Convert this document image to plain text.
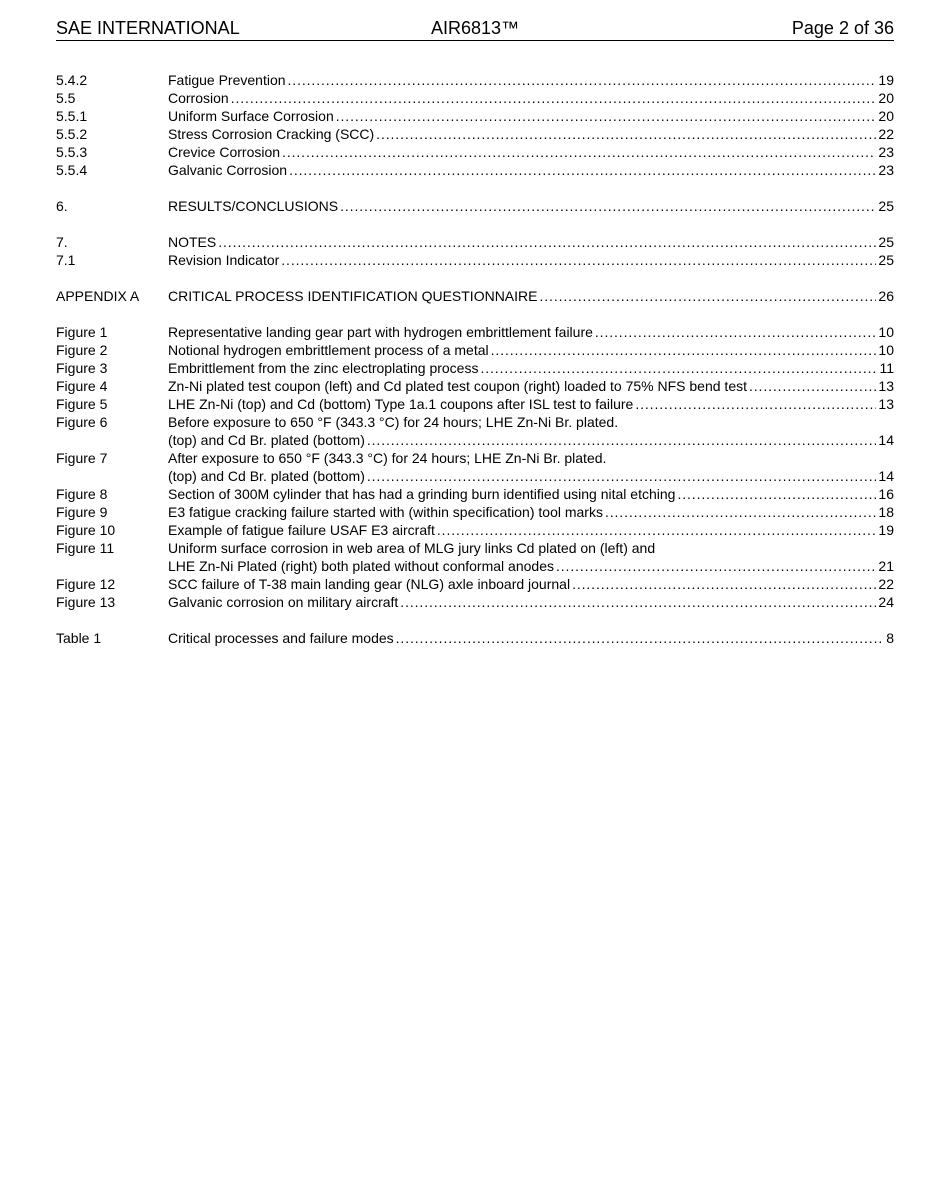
SAE INTERNATIONAL	AIR6813™	Page 2 of 36
5.4.2	Fatigue Prevention . . .	19
5.5	Corrosion . . .	20
5.5.1	Uniform Surface Corrosion . . .	20
5.5.2	Stress Corrosion Cracking (SCC) . . .	22
5.5.3	Crevice Corrosion . . .	23
5.5.4	Galvanic Corrosion . . .	23
6.	RESULTS/CONCLUSIONS . . .	25
7.	NOTES . . .	25
7.1	Revision Indicator . . .	25
APPENDIX A	CRITICAL PROCESS IDENTIFICATION QUESTIONNAIRE . . .	26
Figure 1	Representative landing gear part with hydrogen embrittlement failure . . .	10
Figure 2	Notional hydrogen embrittlement process of a metal . . .	10
Figure 3	Embrittlement from the zinc electroplating process . . .	11
Figure 4	Zn-Ni plated test coupon (left) and Cd plated test coupon (right) loaded to 75% NFS bend test . . .	13
Figure 5	LHE Zn-Ni (top) and Cd (bottom) Type 1a.1 coupons after ISL test to failure . . .	13
Figure 6	Before exposure to 650 °F (343.3 °C) for 24 hours; LHE Zn-Ni Br. plated.
(top) and Cd Br. plated (bottom) . . .	14
Figure 7	After exposure to 650 °F (343.3 °C) for 24 hours; LHE Zn-Ni Br. plated.
(top) and Cd Br. plated (bottom) . . .	14
Figure 8	Section of 300M cylinder that has had a grinding burn identified using nital etching . . .	16
Figure 9	E3 fatigue cracking failure started with (within specification) tool marks . . .	18
Figure 10	Example of fatigue failure USAF E3 aircraft . . .	19
Figure 11	Uniform surface corrosion in web area of MLG jury links Cd plated on (left) and
LHE Zn-Ni Plated (right) both plated without conformal anodes . . .	21
Figure 12	SCC failure of T-38 main landing gear (NLG) axle inboard journal . . .	22
Figure 13	Galvanic corrosion on military aircraft . . .	24
Table 1	Critical processes and failure modes . . .	8
